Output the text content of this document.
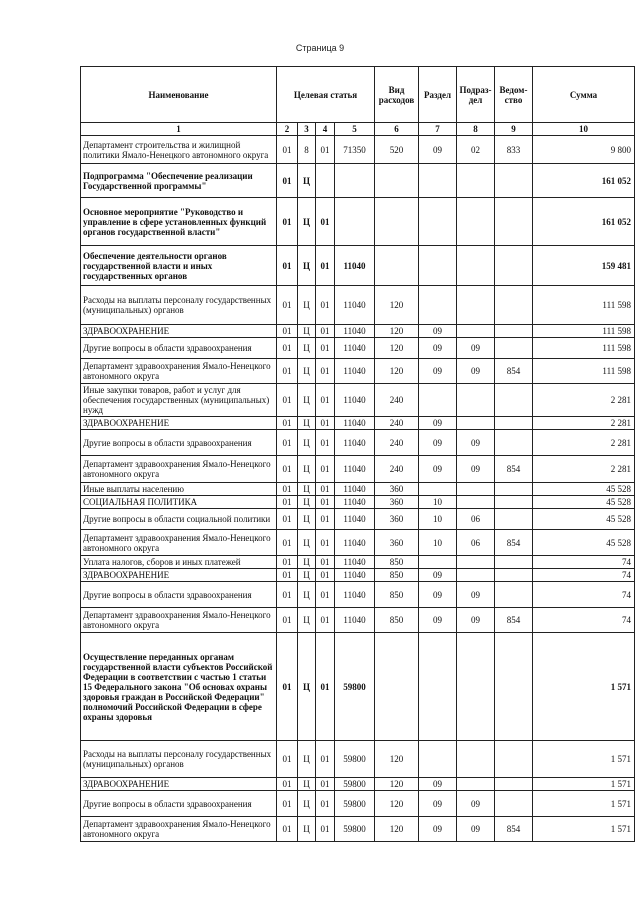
Страница 9
Наименование	Целевая статья				Вид расходов	Раздел	Подраз-дел	Ведом-ство	Сумма
1	2	3	4	5	6	7	8	9	10
Департамент строительства и жилищной политики Ямало-Ненецкого автономного округа	01	8	01	71350	520	09	02	833	9 800
Подпрограмма "Обеспечение реализации Государственной программы"	01	Ц							161 052
Основное мероприятие "Руководство и управление в сфере установленных функций органов государственной власти"	01	Ц	01						161 052
Обеспечение деятельности органов государственной власти и иных государственных органов	01	Ц	01	11040					159 481
Расходы на выплаты персоналу государственных (муниципальных) органов	01	Ц	01	11040	120				111 598
ЗДРАВООХРАНЕНИЕ	01	Ц	01	11040	120	09			111 598
Другие вопросы в области здравоохранения	01	Ц	01	11040	120	09	09		111 598
Департамент здравоохранения Ямало-Ненецкого автономного округа	01	Ц	01	11040	120	09	09	854	111 598
Иные закупки товаров, работ и услуг для обеспечения государственных (муниципальных) нужд	01	Ц	01	11040	240				2 281
ЗДРАВООХРАНЕНИЕ	01	Ц	01	11040	240	09			2 281
Другие вопросы в области здравоохранения	01	Ц	01	11040	240	09	09		2 281
Департамент здравоохранения Ямало-Ненецкого автономного округа	01	Ц	01	11040	240	09	09	854	2 281
Иные выплаты населению	01	Ц	01	11040	360				45 528
СОЦИАЛЬНАЯ ПОЛИТИКА	01	Ц	01	11040	360	10			45 528
Другие вопросы в области социальной политики	01	Ц	01	11040	360	10	06		45 528
Департамент здравоохранения Ямало-Ненецкого автономного округа	01	Ц	01	11040	360	10	06	854	45 528
Уплата налогов, сборов и иных платежей	01	Ц	01	11040	850				74
ЗДРАВООХРАНЕНИЕ	01	Ц	01	11040	850	09			74
Другие вопросы в области здравоохранения	01	Ц	01	11040	850	09	09		74
Департамент здравоохранения Ямало-Ненецкого автономного округа	01	Ц	01	11040	850	09	09	854	74
Осуществление переданных органам государственной власти субъектов Российской Федерации в соответствии с частью 1 статьи 15 Федерального закона "Об основах охраны здоровья граждан в Российской Федерации" полномочий Российской Федерации в сфере охраны здоровья	01	Ц	01	59800					1 571
Расходы на выплаты персоналу государственных (муниципальных) органов	01	Ц	01	59800	120				1 571
ЗДРАВООХРАНЕНИЕ	01	Ц	01	59800	120	09			1 571
Другие вопросы в области здравоохранения	01	Ц	01	59800	120	09	09		1 571
Департамент здравоохранения Ямало-Ненецкого автономного округа	01	Ц	01	59800	120	09	09	854	1 571
